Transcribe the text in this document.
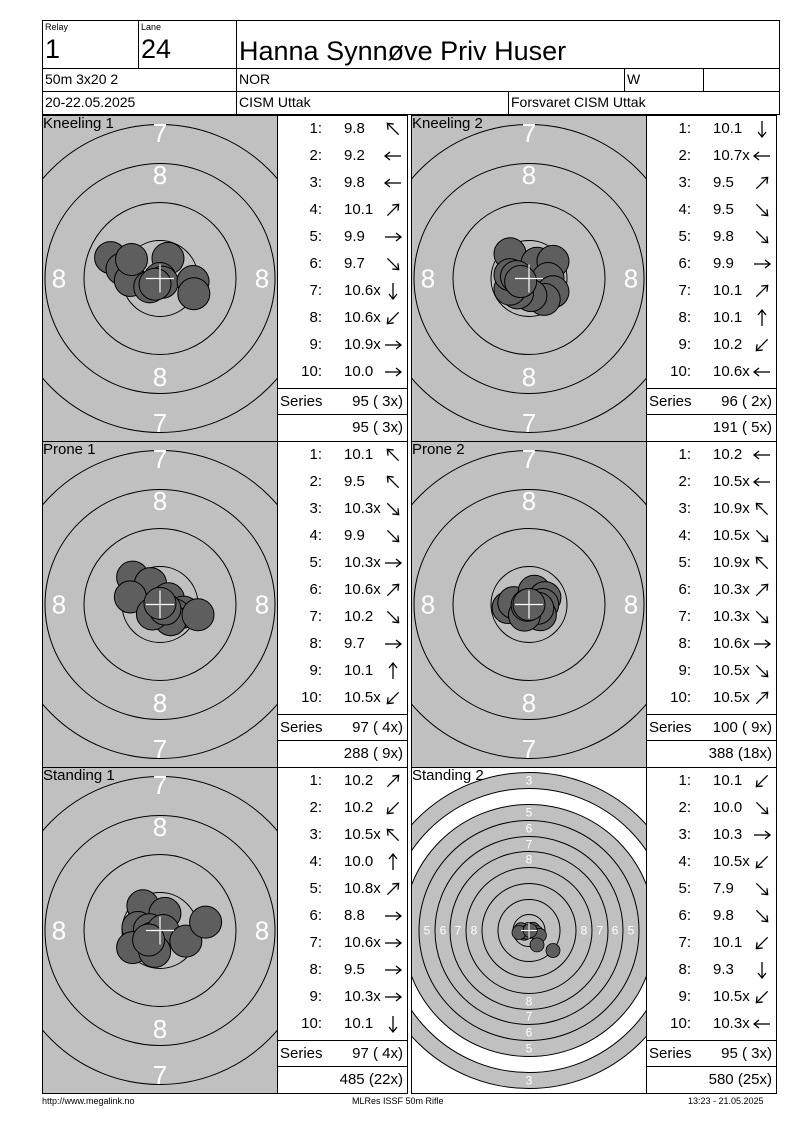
Relay
1
Lane
24	Hanna Synnøve Priv Huser
50m 3x20 2	NOR	W
20-22.05.2025	CISM Uttak	Forsvaret CISM Uttak
7
8
8
7
8	8
Kneeling 1	1: 9.8
2: 9.2
3: 9.8
4: 10.1
5: 9.9
6: 9.7
7: 10.6x
8: 10.6x
9: 10.9x
10: 10.0
Series 95 ( 3x)
95 ( 3x)
7
8
8
7
8	8
Kneeling 2	1: 10.1
2: 10.7x
3: 9.5
4: 9.5
5: 9.8
6: 9.9
7: 10.1
8: 10.1
9: 10.2
10: 10.6x
Series 96 ( 2x)
191 ( 5x)
7
8
8
7
8	8
Prone 1	1: 10.1
2: 9.5
3: 10.3x
4: 9.9
5: 10.3x
6: 10.6x
7: 10.2
8: 9.7
9: 10.1
10: 10.5x
Series 97 ( 4x)
288 ( 9x)
7
8
8
7
8	8
Prone 2	1: 10.2
2: 10.5x
3: 10.9x
4: 10.5x
5: 10.9x
6: 10.3x
7: 10.3x
8: 10.6x
9: 10.5x
10: 10.5x
Series 100 ( 9x)
388 (18x)
7
8
8
7
8	8
Standing 1	1: 10.2
2: 10.2
3: 10.5x
4: 10.0
5: 10.8x
6: 8.8
7: 10.6x
8: 9.5
9: 10.3x
10: 10.1
Series 97 ( 4x)
485 (22x)
3
4
5
6
7
8
8
7
6
5
4
3
5 6 7 8	8 7 6 5
Standing 2	1: 10.1
2: 10.0
3: 10.3
4: 10.5x
5: 7.9
6: 9.8
7: 10.1
8: 9.3
9: 10.5x
10: 10.3x
Series 95 ( 3x)
580 (25x)
http://www.megalink.no	MLRes ISSF 50m Rifle	13:23 - 21.05.2025
